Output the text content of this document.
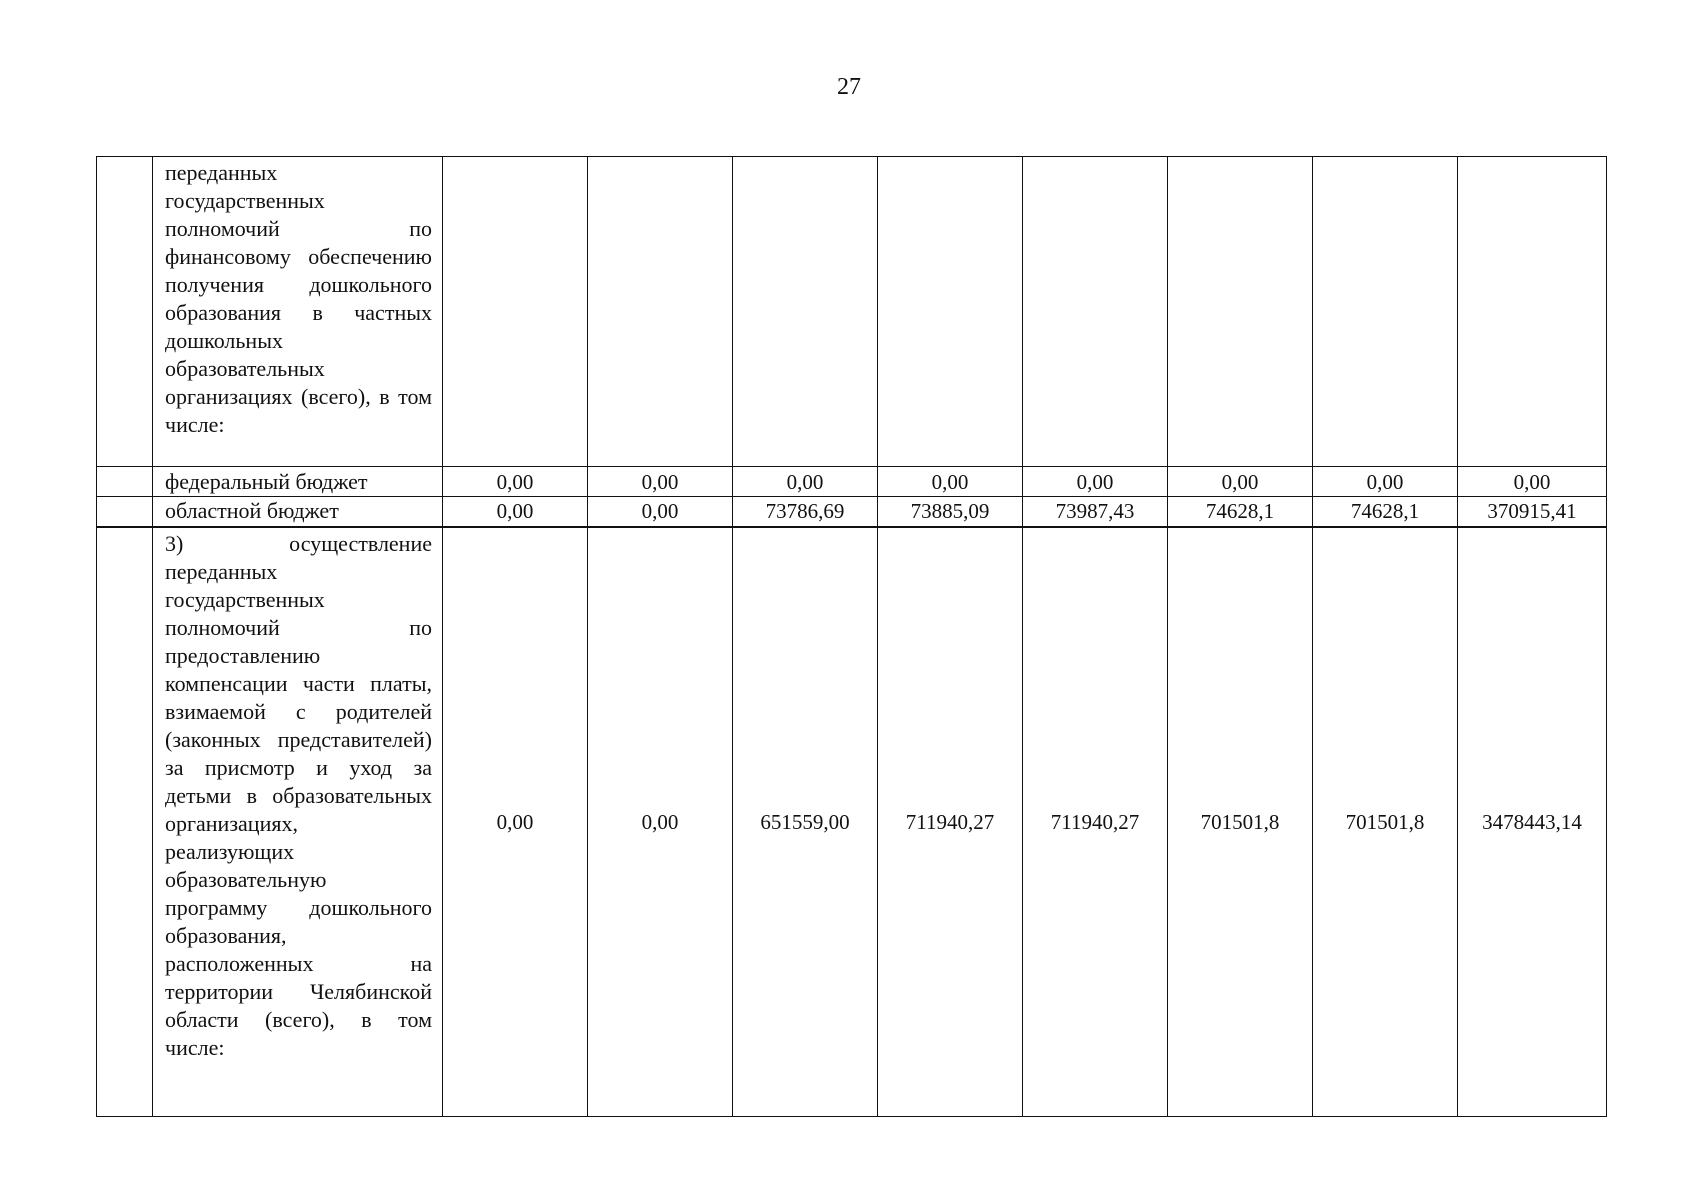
27
	переданных государственных полномочий по финансовому обеспечению получения дошкольного образования в частных дошкольных образовательных организациях (всего), в том числе:								
	федеральный бюджет	0,00	0,00	0,00	0,00	0,00	0,00	0,00	0,00
	областной бюджет	0,00	0,00	73786,69	73885,09	73987,43	74628,1	74628,1	370915,41
	3) осуществление переданных государственных полномочий по предоставлению компенсации части платы, взимаемой с родителей (законных представителей) за присмотр и уход за детьми в образовательных организациях, реализующих образовательную программу дошкольного образования, расположенных на территории Челябинской области (всего), в том числе:	0,00	0,00	651559,00	711940,27	711940,27	701501,8	701501,8	3478443,14
